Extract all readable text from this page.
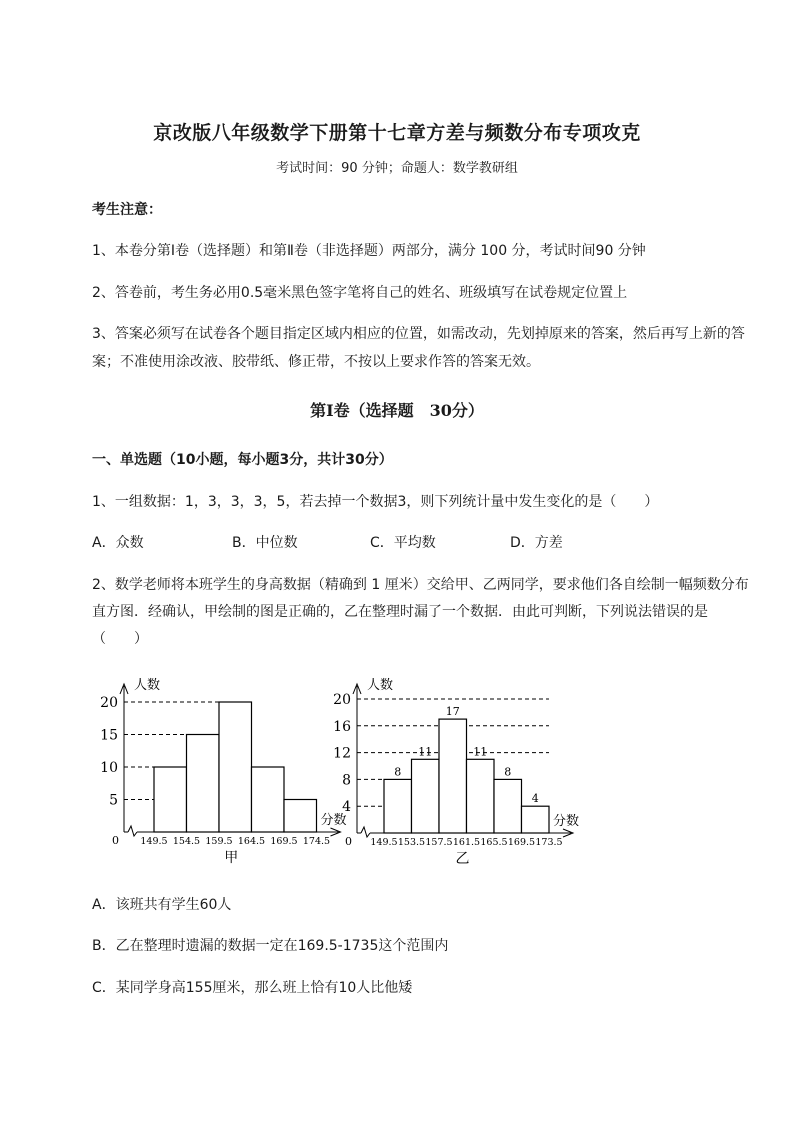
京改版八年级数学下册第十七章方差与频数分布专项攻克
考试时间：90 分钟；命题人：数学教研组
考生注意：
1、本卷分第Ⅰ卷（选择题）和第Ⅱ卷（非选择题）两部分，满分 100 分，考试时间90 分钟
2、答卷前，考生务必用0.5毫米黑色签字笔将自己的姓名、班级填写在试卷规定位置上
3、答案必须写在试卷各个题目指定区域内相应的位置，如需改动，先划掉原来的答案，然后再写上新的答案；不准使用涂改液、胶带纸、修正带，不按以上要求作答的答案无效。
第Ⅰ卷（选择题　30分）
一、单选题（10小题，每小题3分，共计30分）
1、一组数据：1，3，3，3，5，若去掉一个数据3，则下列统计量中发生变化的是（　　）
A．众数	B．中位数	C．平均数	D．方差
2、数学老师将本班学生的身高数据（精确到 1 厘米）交给甲、乙两同学，要求他们各自绘制一幅频数分布直方图．经确认，甲绘制的图是正确的，乙在整理时漏了一个数据．由此可判断，下列说法错误的是（　　）
人数
分数
0
5
10
15
20
149.5 154.5 159.5 164.5 169.5 174.5
甲
人数
分数
0
4
8
12
16
20
8
11
17
11
8
4
149.5 153.5 157.5 161.5 165.5 169.5 173.5
乙
A．该班共有学生60人
B．乙在整理时遗漏的数据一定在169.5-1735这个范围内
C．某同学身高155厘米，那么班上恰有10人比他矮
